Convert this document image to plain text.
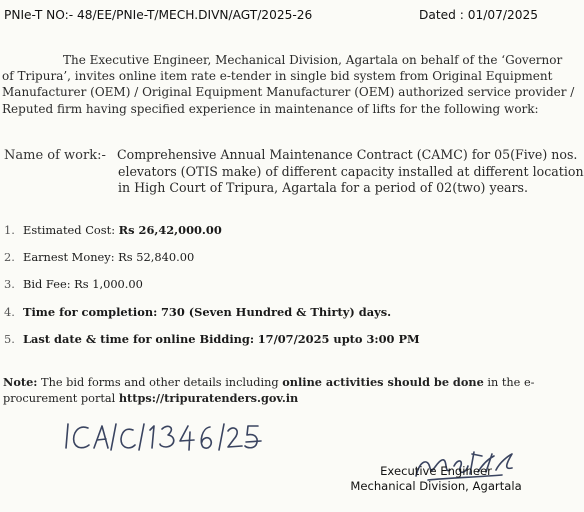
PNIe-T NO:- 48/EE/PNIe-T/MECH.DIVN/AGT/2025-26	Dated : 01/07/2025
The Executive Engineer, Mechanical Division, Agartala on behalf of the ‘Governor
of Tripura’, invites online item rate e-tender in single bid system from Original Equipment
Manufacturer (OEM) / Original Equipment Manufacturer (OEM) authorized service provider /
Reputed firm having specified experience in maintenance of lifts for the following work:
Name of work:- Comprehensive Annual Maintenance Contract (CAMC) for 05(Five) nos.
elevators (OTIS make) of different capacity installed at different location
in High Court of Tripura, Agartala for a period of 02(two) years.
1. Estimated Cost: Rs 26,42,000.00
2. Earnest Money: Rs 52,840.00
3. Bid Fee: Rs 1,000.00
4. Time for completion: 730 (Seven Hundred & Thirty) days.
5. Last date & time for online Bidding: 17/07/2025 upto 3:00 PM
Note: The bid forms and other details including online activities should be done in the e-
procurement portal https://tripuratenders.gov.in
Executive Engineer
Mechanical Division, Agartala
